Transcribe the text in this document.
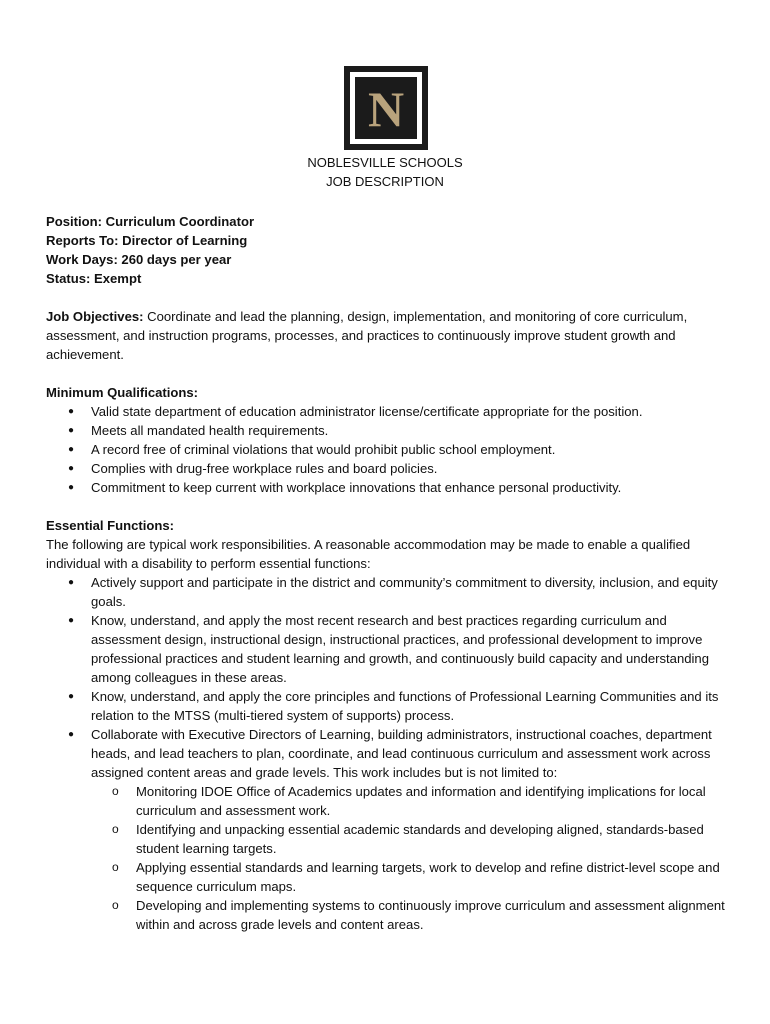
N
NOBLESVILLE SCHOOLS
JOB DESCRIPTION

Position: Curriculum Coordinator

Reports To: Director of Learning

Work Days: 260 days per year

Status: Exempt

Job Objectives: Coordinate and lead the planning, design, implementation, and monitoring of core curriculum, assessment, and instruction programs, processes, and practices to continuously improve student growth and achievement.

Minimum Qualifications:

● Valid state department of education administrator license/certificate appropriate for the position.
● Meets all mandated health requirements.
● A record free of criminal violations that would prohibit public school employment.
● Complies with drug-free workplace rules and board policies.
● Commitment to keep current with workplace innovations that enhance personal productivity.

Essential Functions:

The following are typical work responsibilities. A reasonable accommodation may be made to enable a qualified individual with a disability to perform essential functions:

● Actively support and participate in the district and community’s commitment to diversity, inclusion, and equity goals.
● Know, understand, and apply the most recent research and best practices regarding curriculum and assessment design, instructional design, instructional practices, and professional development to improve professional practices and student learning and growth, and continuously build capacity and understanding among colleagues in these areas.
● Know, understand, and apply the core principles and functions of Professional Learning Communities and its relation to the MTSS (multi-tiered system of supports) process.
● Collaborate with Executive Directors of Learning, building administrators, instructional coaches, department heads, and lead teachers to plan, coordinate, and lead continuous curriculum and assessment work across assigned content areas and grade levels. This work includes but is not limited to:
o Monitoring IDOE Office of Academics updates and information and identifying implications for local curriculum and assessment work.
o Identifying and unpacking essential academic standards and developing aligned, standards-based student learning targets.
o Applying essential standards and learning targets, work to develop and refine district-level scope and sequence curriculum maps.
o Developing and implementing systems to continuously improve curriculum and assessment alignment within and across grade levels and content areas.
